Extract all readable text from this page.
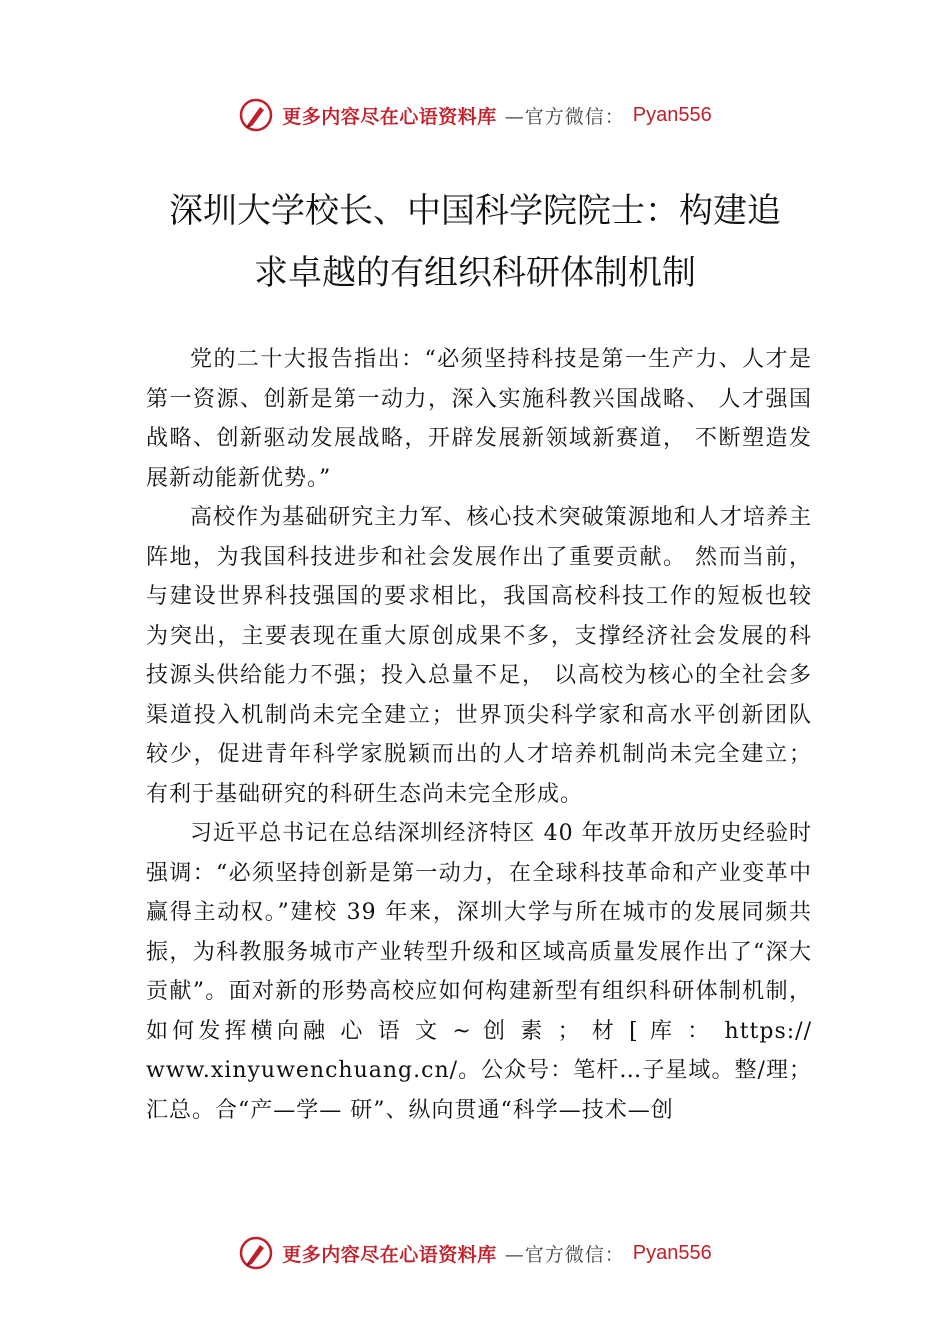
更多内容尽在心语资料库 —官方微信： Pyan556
深圳大学校长、中国科学院院士：构建追
求卓越的有组织科研体制机制

党的二十大报告指出：“必须坚持科技是第一生产力、人才是第一资源、创新是第一动力，深入实施科教兴国战略、 人才强国战略、创新驱动发展战略，开辟发展新领域新赛道， 不断塑造发展新动能新优势。”

高校作为基础研究主力军、核心技术突破策源地和人才培养主阵地，为我国科技进步和社会发展作出了重要贡献。 然而当前，与建设世界科技强国的要求相比，我国高校科技工作的短板也较为突出，主要表现在重大原创成果不多，支撑经济社会发展的科技源头供给能力不强；投入总量不足， 以高校为核心的全社会多渠道投入机制尚未完全建立；世界顶尖科学家和高水平创新团队较少，促进青年科学家脱颖而出的人才培养机制尚未完全建立；有利于基础研究的科研生态尚未完全形成。

习近平总书记在总结深圳经济特区 40 年改革开放历史经验时强调：“必须坚持创新是第一动力，在全球科技革命和产业变革中赢得主动权。”建校 39 年来，深圳大学与所在城市的发展同频共振，为科教服务城市产业转型升级和区域高质量发展作出了“深大贡献”。面对新的形势高校应如何构建新型有组织科研体制机制，如何发挥横向融 心 语 文 ~ 创 素 ； 材 [ 库 ： https:// www.xinyuwenchuang.cn/。公众号：笔杆…子星域。整/理；汇总。合“产—学— 研”、纵向贯通“科学—技术—创

更多内容尽在心语资料库 —官方微信： Pyan556
